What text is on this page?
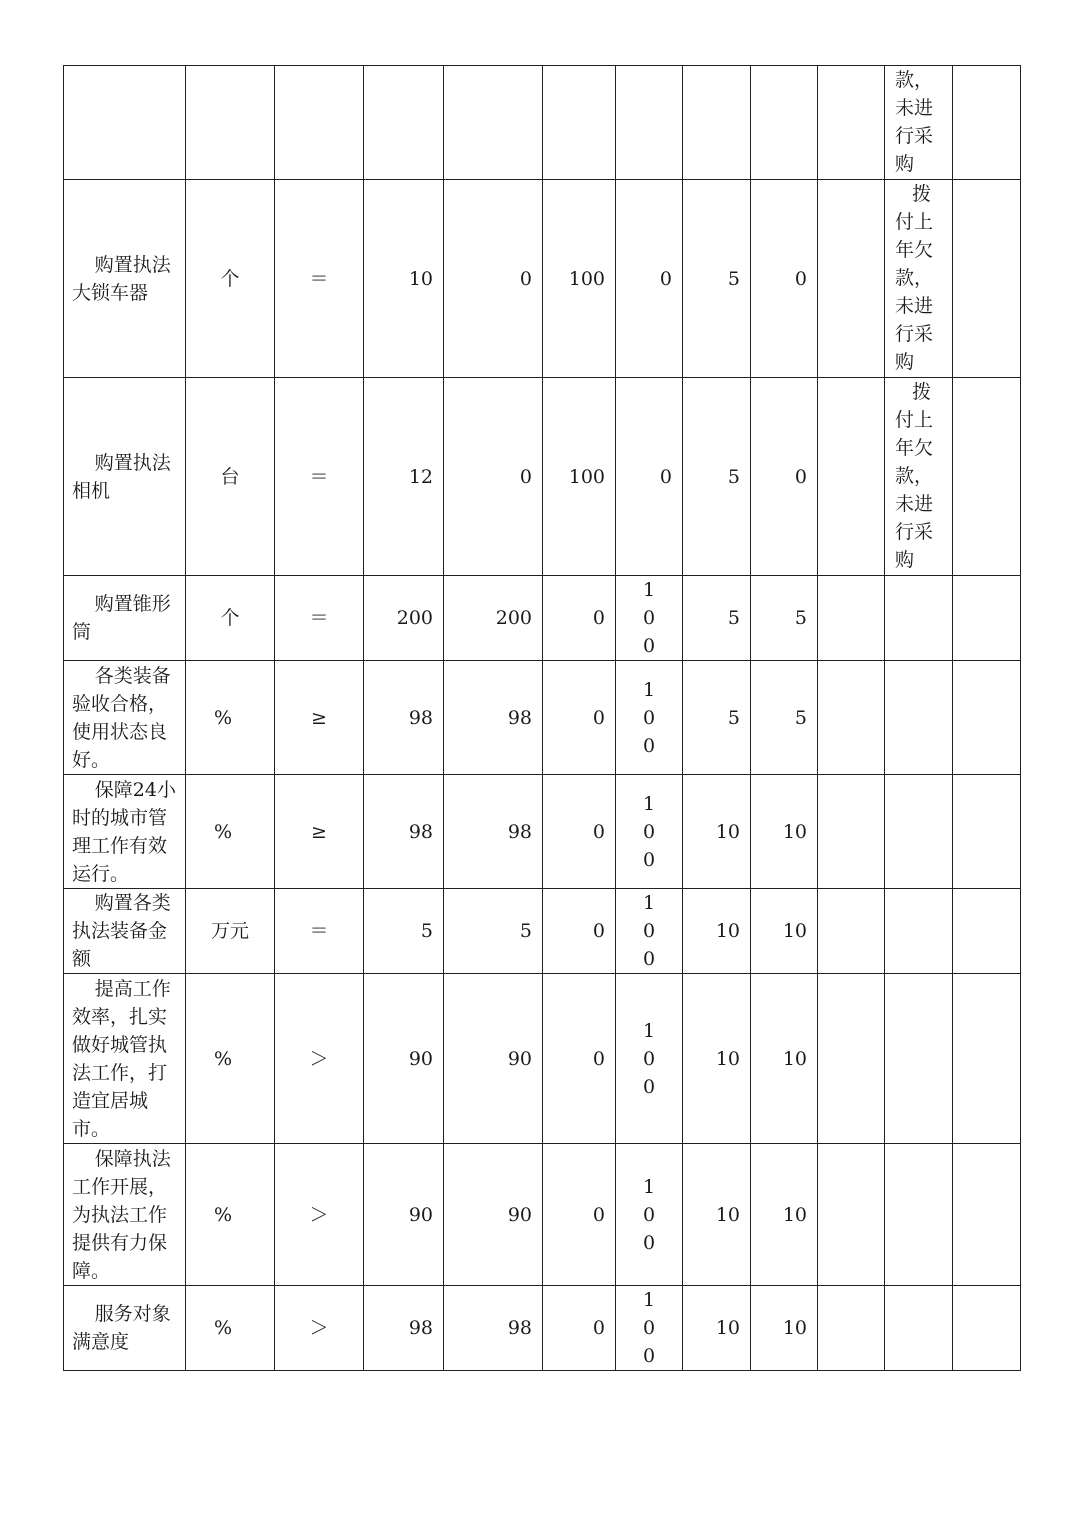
										款，未进行采购	

购置执法大锁车器	个	＝	10	0	100	0	5	0		拨付上年欠款，未进行采购	

购置执法相机	台	＝	12	0	100	0	5	0		拨付上年欠款，未进行采购	

购置锥形筒	个	＝	200	200	0	100	5	5		

各类装备验收合格，使用状态良好。	%	≥	98	98	0	100	5	5		

保障24小时的城市管理工作有效运行。	%	≥	98	98	0	100	10	10		

购置各类执法装备金额	万元	＝	5	5	0	100	10	10		

提高工作效率，扎实做好城管执法工作，打造宜居城市。	%	＞	90	90	0	100	10	10		

保障执法工作开展，为执法工作提供有力保障。	%	＞	90	90	0	100	10	10		

服务对象满意度	%	＞	98	98	0	100	10	10		
